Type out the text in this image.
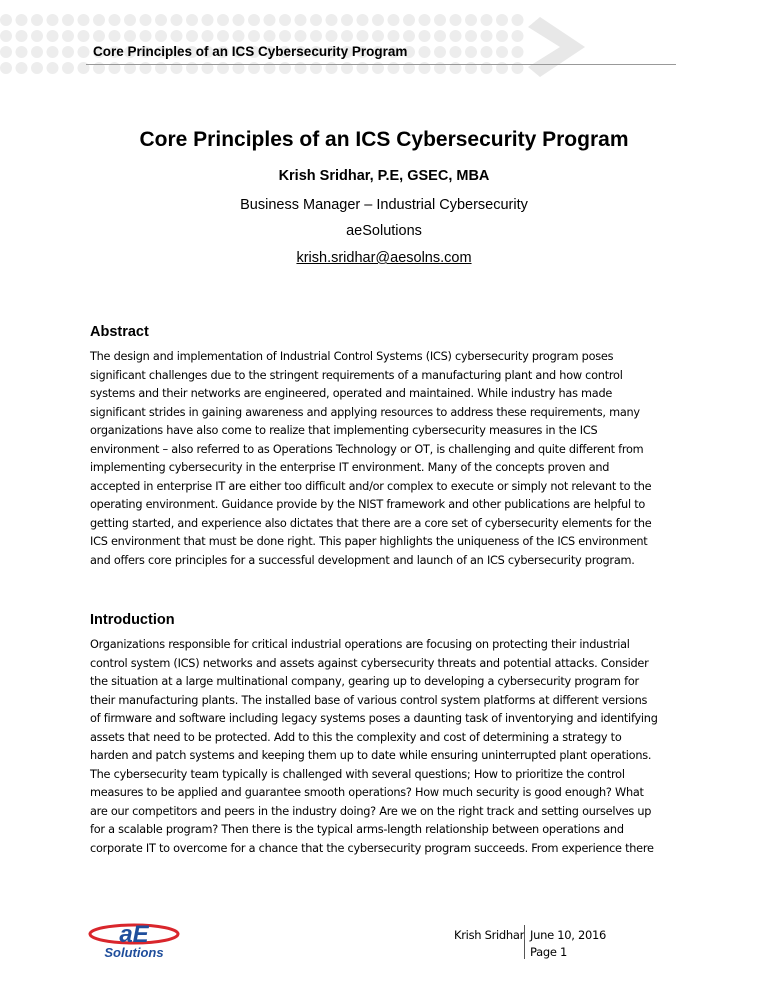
Core Principles of an ICS Cybersecurity Program
Core Principles of an ICS Cybersecurity Program
Krish Sridhar, P.E, GSEC, MBA
Business Manager – Industrial Cybersecurity
aeSolutions
krish.sridhar@aesolns.com
Abstract
The design and implementation of Industrial Control Systems (ICS) cybersecurity program poses
significant challenges due to the stringent requirements of a manufacturing plant and how control
systems and their networks are engineered, operated and maintained. While industry has made
significant strides in gaining awareness and applying resources to address these requirements, many
organizations have also come to realize that implementing cybersecurity measures in the ICS
environment – also referred to as Operations Technology or OT, is challenging and quite different from
implementing cybersecurity in the enterprise IT environment. Many of the concepts proven and
accepted in enterprise IT are either too difficult and/or complex to execute or simply not relevant to the
operating environment. Guidance provide by the NIST framework and other publications are helpful to
getting started, and experience also dictates that there are a core set of cybersecurity elements for the
ICS environment that must be done right. This paper highlights the uniqueness of the ICS environment
and offers core principles for a successful development and launch of an ICS cybersecurity program.
Introduction
Organizations responsible for critical industrial operations are focusing on protecting their industrial
control system (ICS) networks and assets against cybersecurity threats and potential attacks. Consider
the situation at a large multinational company, gearing up to developing a cybersecurity program for
their manufacturing plants. The installed base of various control system platforms at different versions
of firmware and software including legacy systems poses a daunting task of inventorying and identifying
assets that need to be protected. Add to this the complexity and cost of determining a strategy to
harden and patch systems and keeping them up to date while ensuring uninterrupted plant operations.
The cybersecurity team typically is challenged with several questions; How to prioritize the control
measures to be applied and guarantee smooth operations? How much security is good enough? What
are our competitors and peers in the industry doing? Are we on the right track and setting ourselves up
for a scalable program? Then there is the typical arms-length relationship between operations and
corporate IT to overcome for a chance that the cybersecurity program succeeds. From experience there
aE
Solutions
Krish Sridhar June 10, 2016
Page 1
